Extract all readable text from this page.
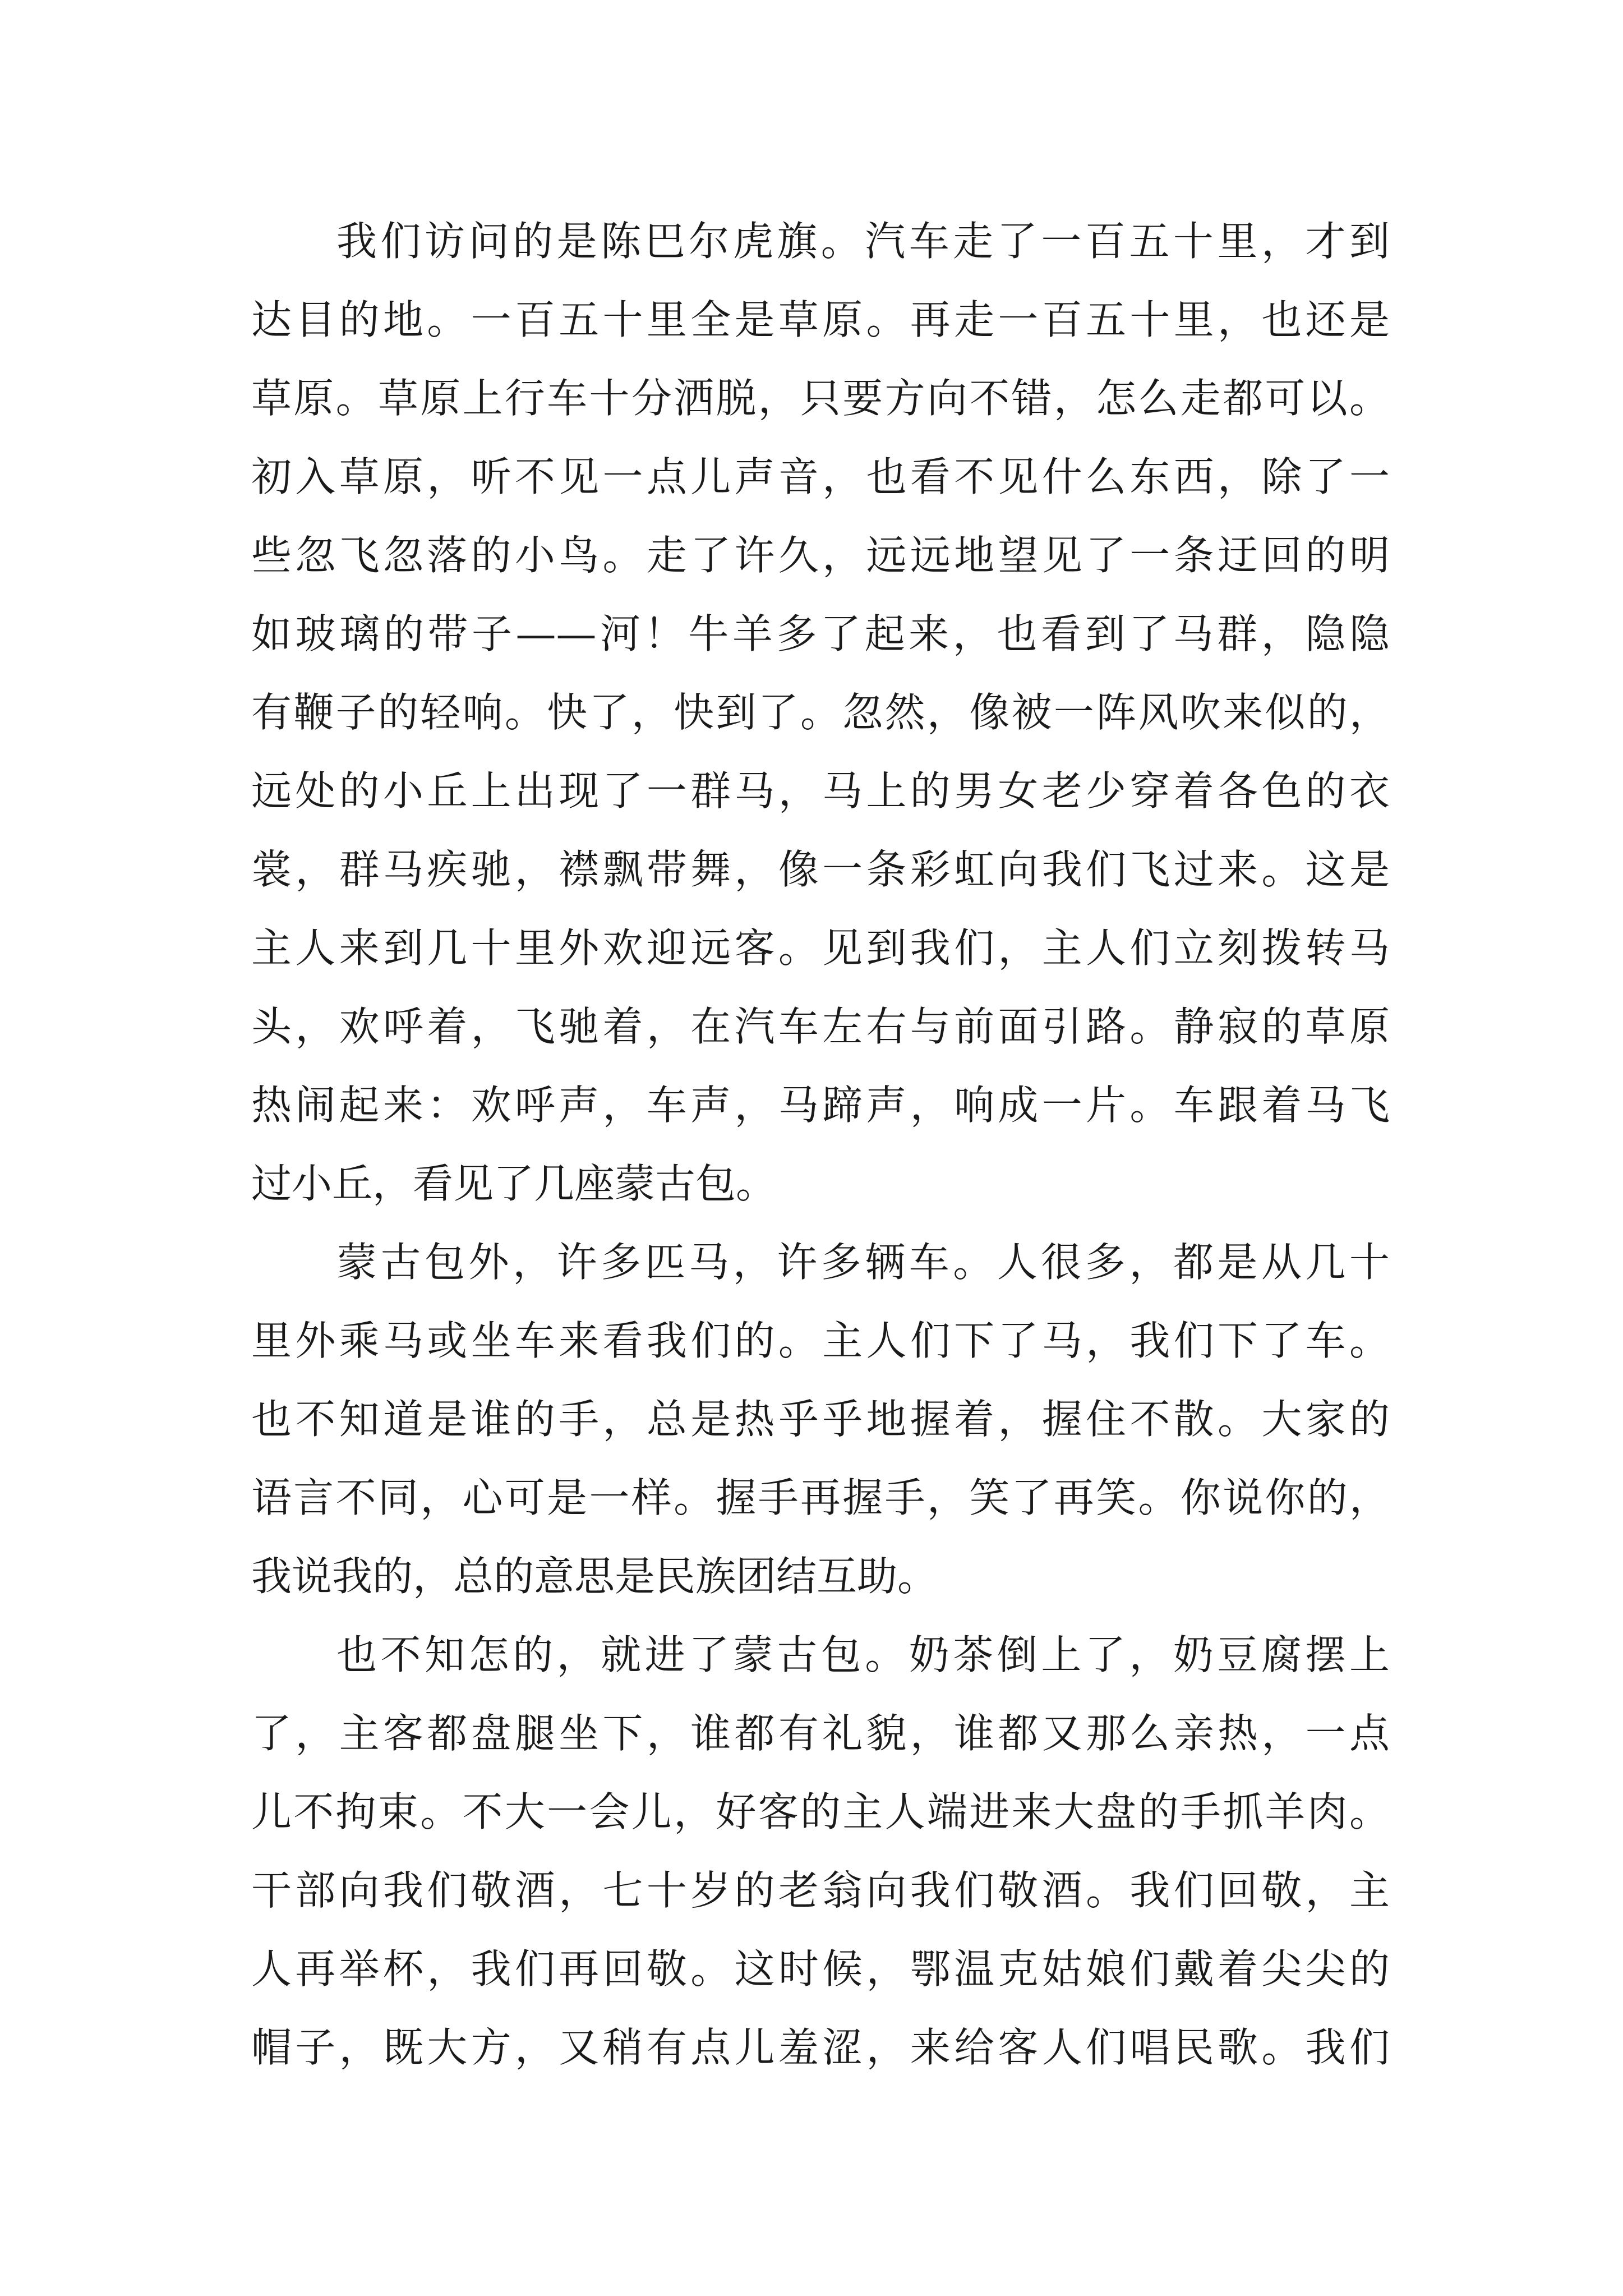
我们访问的是陈巴尔虎旗。汽车走了一百五十里，才到
达目的地。一百五十里全是草原。再走一百五十里，也还是
草原。草原上行车十分洒脱，只要方向不错，怎么走都可以。
初入草原，听不见一点儿声音，也看不见什么东西，除了一
些忽飞忽落的小鸟。走了许久，远远地望见了一条迂回的明
如玻璃的带子——河！牛羊多了起来，也看到了马群，隐隐
有鞭子的轻响。快了，快到了。忽然，像被一阵风吹来似的，
远处的小丘上出现了一群马，马上的男女老少穿着各色的衣
裳，群马疾驰，襟飘带舞，像一条彩虹向我们飞过来。这是
主人来到几十里外欢迎远客。见到我们，主人们立刻拨转马
头，欢呼着，飞驰着，在汽车左右与前面引路。静寂的草原
热闹起来：欢呼声，车声，马蹄声，响成一片。车跟着马飞
过小丘，看见了几座蒙古包。
蒙古包外，许多匹马，许多辆车。人很多，都是从几十
里外乘马或坐车来看我们的。主人们下了马，我们下了车。
也不知道是谁的手，总是热乎乎地握着，握住不散。大家的
语言不同，心可是一样。握手再握手，笑了再笑。你说你的，
我说我的，总的意思是民族团结互助。
也不知怎的，就进了蒙古包。奶茶倒上了，奶豆腐摆上
了，主客都盘腿坐下，谁都有礼貌，谁都又那么亲热，一点
儿不拘束。不大一会儿，好客的主人端进来大盘的手抓羊肉。
干部向我们敬酒，七十岁的老翁向我们敬酒。我们回敬，主
人再举杯，我们再回敬。这时候，鄂温克姑娘们戴着尖尖的
帽子，既大方，又稍有点儿羞涩，来给客人们唱民歌。我们
